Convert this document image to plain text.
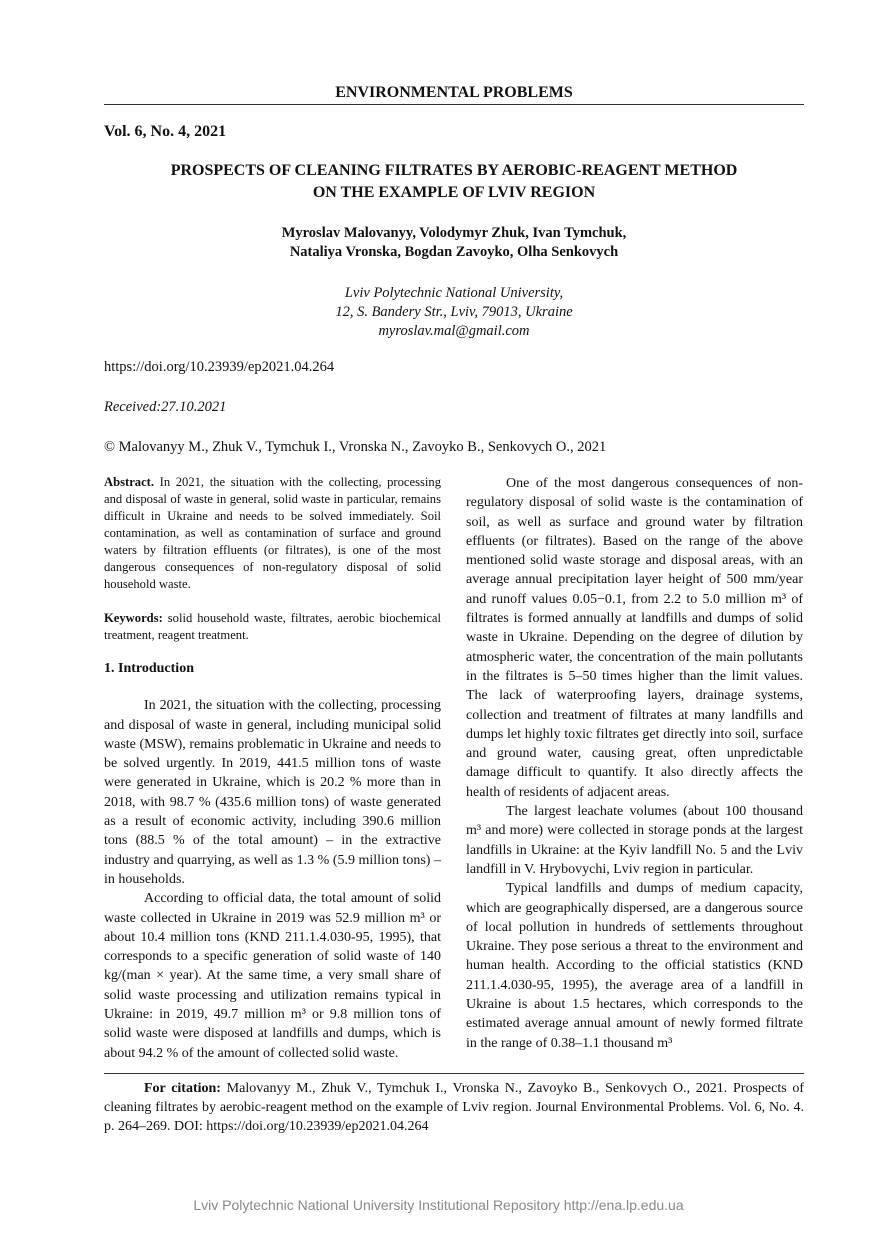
ENVIRONMENTAL PROBLEMS
Vol. 6, No. 4, 2021
PROSPECTS OF CLEANING FILTRATES BY AEROBIC-REAGENT METHOD
ON THE EXAMPLE OF LVIV REGION
Myroslav Malovanyy, Volodymyr Zhuk, Ivan Tymchuk,
Nataliya Vronska, Bogdan Zavoyko, Olha Senkovych
Lviv Polytechnic National University,
12, S. Bandery Str., Lviv, 79013, Ukraine
myroslav.mal@gmail.com
https://doi.org/10.23939/ep2021.04.264
Received:27.10.2021
© Malovanyy M., Zhuk V., Tymchuk I., Vronska N., Zavoyko B., Senkovych O., 2021

Abstract. In 2021, the situation with the collecting, processing and disposal of waste in general, solid waste in particular, remains difficult in Ukraine and needs to be solved immediately. Soil contamination, as well as contamination of surface and ground waters by filtration effluents (or filtrates), is one of the most dangerous consequences of non-regulatory disposal of solid household waste.

Keywords: solid household waste, filtrates, aerobic biochemical treatment, reagent treatment.

1. Introduction

In 2021, the situation with the collecting, processing and disposal of waste in general, including municipal solid waste (MSW), remains problematic in Ukraine and needs to be solved urgently. In 2019, 441.5 million tons of waste were generated in Ukraine, which is 20.2 % more than in 2018, with 98.7 % (435.6 million tons) of waste generated as a result of economic activity, including 390.6 million tons (88.5 % of the total amount) – in the extractive industry and quarrying, as well as 1.3 % (5.9 million tons) – in households.

According to official data, the total amount of solid waste collected in Ukraine in 2019 was 52.9 million m³ or about 10.4 million tons (KND 211.1.4.030-95, 1995), that corresponds to a specific generation of solid waste of 140 kg/(man × year). At the same time, a very small share of solid waste processing and utilization remains typical in Ukraine: in 2019, 49.7 million m³ or 9.8 million tons of solid waste were disposed at landfills and dumps, which is about 94.2 % of the amount of collected solid waste.

One of the most dangerous consequences of non-regulatory disposal of solid waste is the contamination of soil, as well as surface and ground water by filtration effluents (or filtrates). Based on the range of the above mentioned solid waste storage and disposal areas, with an average annual precipitation layer height of 500 mm/year and runoff values 0.05−0.1, from 2.2 to 5.0 million m³ of filtrates is formed annually at landfills and dumps of solid waste in Ukraine. Depending on the degree of dilution by atmospheric water, the concentration of the main pollutants in the filtrates is 5–50 times higher than the limit values. The lack of waterproofing layers, drainage systems, collection and treatment of filtrates at many landfills and dumps let highly toxic filtrates get directly into soil, surface and ground water, causing great, often unpredictable damage difficult to quantify. It also directly affects the health of residents of adjacent areas.

The largest leachate volumes (about 100 thousand m³ and more) were collected in storage ponds at the largest landfills in Ukraine: at the Kyiv landfill No. 5 and the Lviv landfill in V. Hrybovychi, Lviv region in particular.

Typical landfills and dumps of medium capacity, which are geographically dispersed, are a dangerous source of local pollution in hundreds of settlements throughout Ukraine. They pose serious a threat to the environment and human health. According to the official statistics (KND 211.1.4.030-95, 1995), the average area of a landfill in Ukraine is about 1.5 hectares, which corresponds to the estimated average annual amount of newly formed filtrate in the range of 0.38–1.1 thousand m³

For citation: Malovanyy M., Zhuk V., Tymchuk I., Vronska N., Zavoyko B., Senkovych O., 2021. Prospects of cleaning filtrates by aerobic-reagent method on the example of Lviv region. Journal Environmental Problems. Vol. 6, No. 4. p. 264–269. DOI: https://doi.org/10.23939/ep2021.04.264
Lviv Polytechnic National University Institutional Repository http://ena.lp.edu.ua
